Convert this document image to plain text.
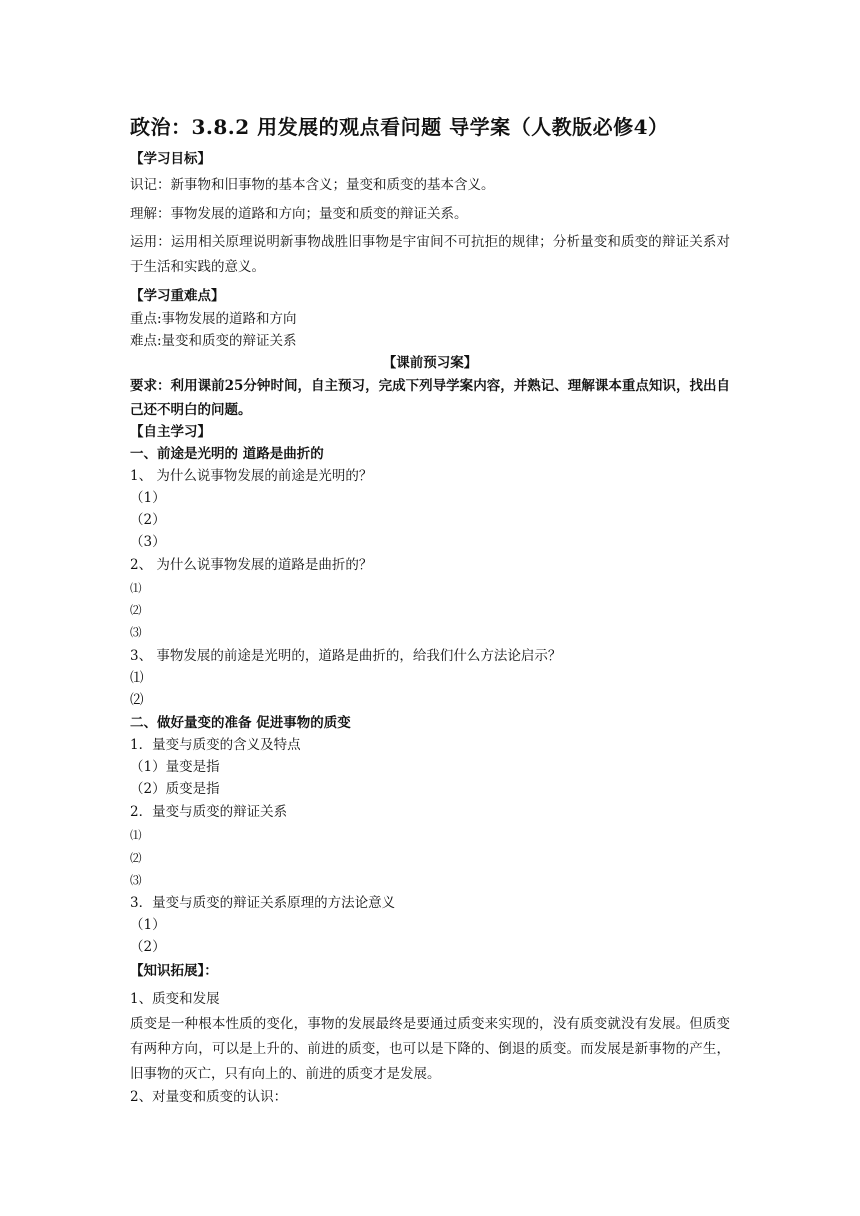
政治：3.8.2 用发展的观点看问题 导学案（人教版必修4）
【学习目标】
识记：新事物和旧事物的基本含义；量变和质变的基本含义。
理解：事物发展的道路和方向；量变和质变的辩证关系。
运用：运用相关原理说明新事物战胜旧事物是宇宙间不可抗拒的规律；分析量变和质变的辩证关系对于生活和实践的意义。
【学习重难点】
重点:事物发展的道路和方向
难点:量变和质变的辩证关系
【课前预习案】
要求：利用课前25分钟时间，自主预习，完成下列导学案内容，并熟记、理解课本重点知识，找出自己还不明白的问题。
【自主学习】
一、前途是光明的 道路是曲折的
1、 为什么说事物发展的前途是光明的？
（1）
（2）
（3）
2、 为什么说事物发展的道路是曲折的？
⑴
⑵
⑶
3、 事物发展的前途是光明的，道路是曲折的，给我们什么方法论启示？
⑴
⑵
二、做好量变的准备 促进事物的质变
1．量变与质变的含义及特点
（1）量变是指
（2）质变是指
2．量变与质变的辩证关系
⑴
⑵
⑶
3．量变与质变的辩证关系原理的方法论意义
（1）
（2）
【知识拓展】：
1、质变和发展
质变是一种根本性质的变化，事物的发展最终是要通过质变来实现的，没有质变就没有发展。但质变有两种方向，可以是上升的、前进的质变，也可以是下降的、倒退的质变。而发展是新事物的产生，旧事物的灭亡，只有向上的、前进的质变才是发展。
2、对量变和质变的认识：
